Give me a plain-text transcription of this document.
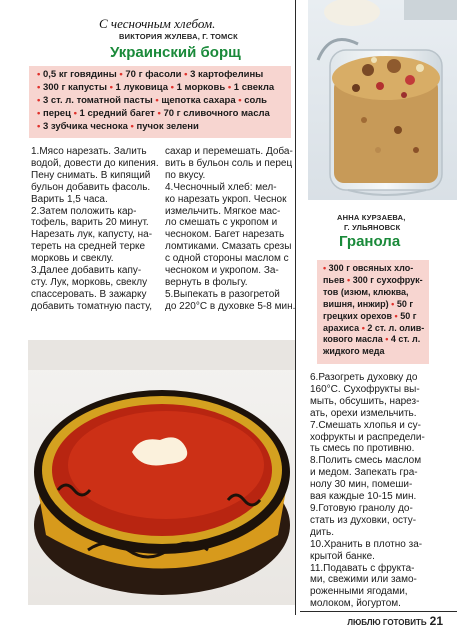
С чесночным хлебом.
ВИКТОРИЯ ЖУЛЕВА, Г. ТОМСК
Украинский борщ
• 0,5 кг говядины • 70 г фасоли • 3 картофелины
• 300 г капусты • 1 луковица • 1 морковь • 1 свекла
• 3 ст. л. томатной пасты • щепотка сахара • соль
• перец • 1 средний багет • 70 г сливочного масла
• 3 зубчика чеснока • пучок зелени
1.Мясо нарезать. Залить
водой, довести до кипения.
Пену снимать. В кипящий
бульон добавить фасоль.
Варить 1,5 часа.
2.Затем положить кар-
тофель, варить 20 минут.
Нарезать лук, капусту, на-
тереть на средней терке
морковь и свеклу.
3.Далее добавить капу-
сту. Лук, морковь, свеклу
спассеровать. В зажарку
добавить томатную пасту,
сахар и перемешать. Доба-
вить в бульон соль и перец
по вкусу.
4.Чесночный хлеб: мел-
ко нарезать укроп. Чеснок
измельчить. Мягкое мас-
ло смешать с укропом и
чесноком. Багет нарезать
ломтиками. Смазать срезы
с одной стороны маслом с
чесноком и укропом. За-
вернуть в фольгу.
5.Выпекать в разогретой
до 220°С в духовке 5-8 мин.
АННА КУРЗАЕВА,
Г. УЛЬЯНОВСК
Гранола
• 300 г овсяных хло-
пьев • 300 г сухофрук-
тов (изюм, клюква,
вишня, инжир) • 50 г
грецких орехов • 50 г
арахиса • 2 ст. л. олив-
кового масла • 4 ст. л.
жидкого меда
6.Разогреть духовку до
160°С. Сухофрукты вы-
мыть, обсушить, нарез-
ать, орехи измельчить.
7.Смешать хлопья и су-
хофрукты и распредели-
ть смесь по противню.
8.Полить смесь маслом
и медом. Запекать гра-
нолу 30 мин, помеши-
вая каждые 10-15 мин.
9.Готовую гранолу до-
стать из духовки, осту-
дить.
10.Хранить в плотно за-
крытой банке.
11.Подавать с фрукта-
ми, свежими или замо-
роженными ягодами,
молоком, йогуртом.
ЛЮБЛЮ ГОТОВИТЬ 21
